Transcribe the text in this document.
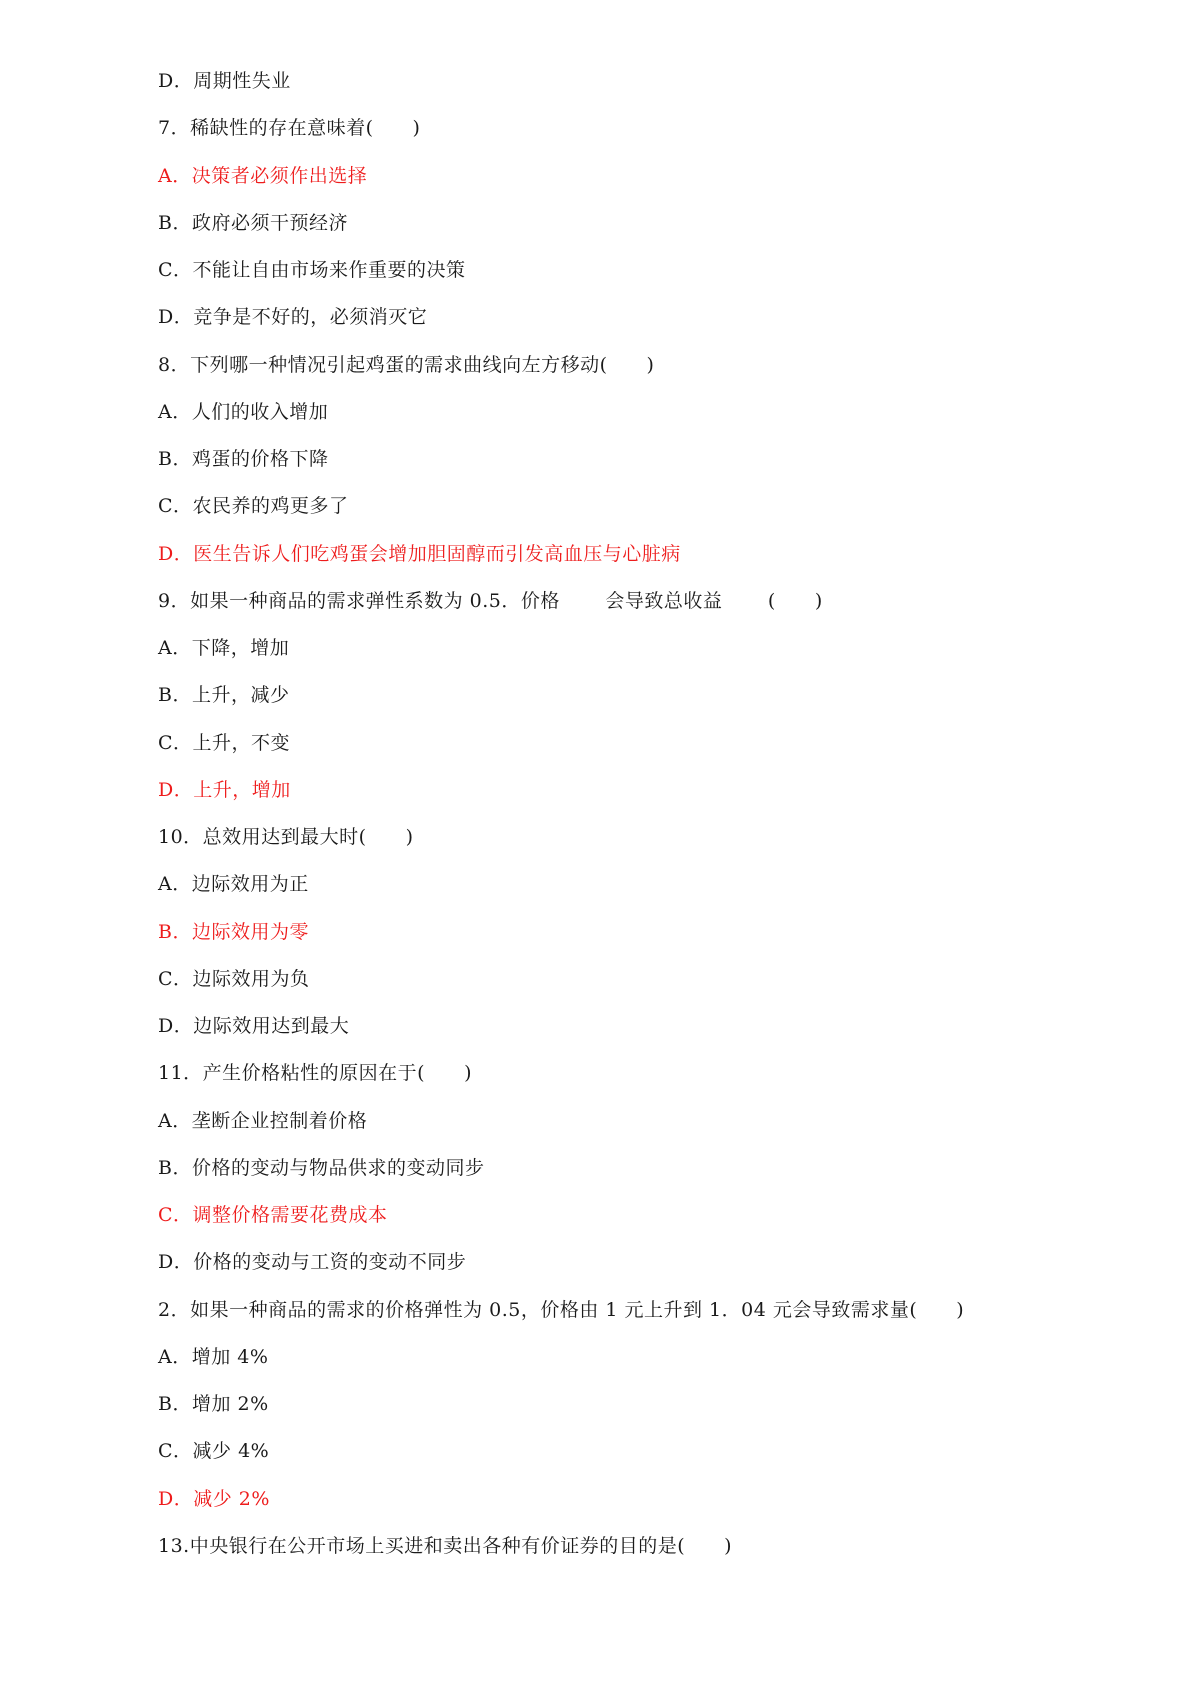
D．周期性失业
7．稀缺性的存在意味着(　　)
A．决策者必须作出选择
B．政府必须干预经济
C．不能让自由市场来作重要的决策
D．竞争是不好的，必须消灭它
8．下列哪一种情况引起鸡蛋的需求曲线向左方移动(　　)
A．人们的收入增加
B．鸡蛋的价格下降
C．农民养的鸡更多了
D．医生告诉人们吃鸡蛋会增加胆固醇而引发高血压与心脏病
9．如果一种商品的需求弹性系数为 0.5．价格　　 会导致总收益　　 (　　)
A．下降，增加
B．上升，减少
C．上升，不变
D．上升，增加
10．总效用达到最大时(　　)
A．边际效用为正
B．边际效用为零
C．边际效用为负
D．边际效用达到最大
11．产生价格粘性的原因在于(　　)
A．垄断企业控制着价格
B．价格的变动与物品供求的变动同步
C．调整价格需要花费成本
D．价格的变动与工资的变动不同步
2．如果一种商品的需求的价格弹性为 0.5，价格由 1 元上升到 1．04 元会导致需求量(　　)
A．增加 4%
B．增加 2%
C．减少 4%
D．减少 2%
13.中央银行在公开市场上买进和卖出各种有价证券的目的是(　　)
